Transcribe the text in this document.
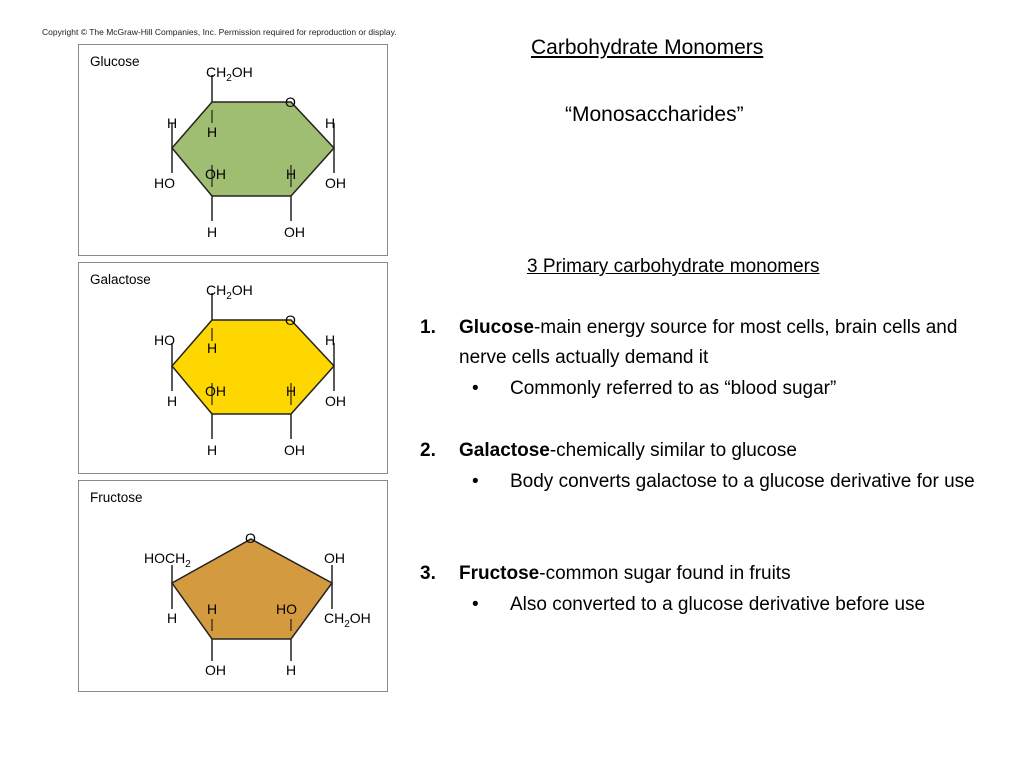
Copyright © The McGraw-Hill Companies, Inc. Permission required for reproduction or display.
Glucose
$CH_2OH$
O
H
H
H
HO
OH	H
OH
H	OH
Galactose
$CH_2OH$
O
HO H	H
H
OH	H
OH
H	OH
Fructose
O
$HOCH_2$	OH
H	HO
H	$CH_2OH$
OH	H
Carbohydrate Monomers
“Monosaccharides”
3 Primary carbohydrate monomers
1. Glucose-main energy source for most cells, brain cells and nerve cells actually demand it
• Commonly referred to as “blood sugar”
2. Galactose-chemically similar to glucose
• Body converts galactose to a glucose derivative for use
3. Fructose-common sugar found in fruits
• Also converted to a glucose derivative before use
